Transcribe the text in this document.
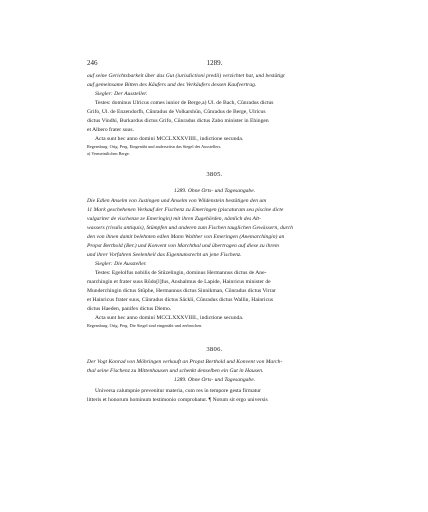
246	1289.
auf seine Gerichtsbarkeit über das Gut (iurisdictioni predii) verzichtet hat, und bestätigt
auf gemeinsame Bitten des Käufers und des Verkäufers dessen Kaufvertrag.
Siegler: Der Aussteller.
Testes: dominus Ulricus comes iunior de Berge,a) Ul. de Bach, Cŭnradus dictus
Grifo, Ul. de Enzendorfh, Cŭnradus de Volkarshŭn, Cŭnradus de Berge, Ulricus
dictus Vindhi, Burkardus dictus Grifo, Cŭnradus dictus Zabo minister in Ehingen
et Albero frater suus.
Acta sunt hec anno domini MCCLXXXVIIII., indictione secunda.
Regensburg. Orig. Perg. Eingenäht und anderseitsn das Siegel des Ausstellers.
a) Vermeintlichen Berge.
3805.
1289. Ohne Orts- und Tagesangabe.
Die Edlen Anselm von Justingen und Anselm von Wildenstein bestätigen den um
11 Mark geschehenen Verkauf der Fischenz zu Emeringen (piscaturam seu piscine dicte
vulgariter de vischenze ze Emeringin) mit ihren Zugehörden, nämlich des Alt-
wassers (rivulis antiquis), Stümpfen und anderen zum Fischen tauglichen Gewässern, durch
den von ihnen damit belehnten edlen Mann Walther von Emeringen (Anemarchingin) an
Propst Berthold (Ber.) und Konvent von Marchthal und übertragen auf diese zu ihrem
und ihrer Vorfahren Seelenheil das Eigentumsrecht an jene Fischenz.
Siegler: Die Aussteller.
Testes: Egelolfus nobilis de Stŭzelingin, dominus Hermannus dictus de Ane-
marchingin et frater suus Rŭdo[l]fus, Anshalmus de Lapide, Hainricus minister de
Munderchingin dictus Stŭphe, Hermannus dictus Sinnikman, Cŭnradus dictus Virrar
et Hainricus frater suus, Cŭnradus dictus Säckli, Cŭnradus dictus Wallin, Hainricus
dictus Haeden, panifex dictus Diemo.
Acta sunt hec anno domini MCCLXXXVIIII., indictione secunda.
Regensburg. Orig. Perg. Die Siegel sind eingenäht und zerbrochen.
3806.
Der Vogt Konrad von Möhringen verkauft an Propst Berthold und Konvent von March-
thal seine Fischenz zu Mittenhausen und schenkt denselben ein Gut in Hausen.
1289. Ohne Orts- und Tagesangabe.
Universa calumpnie prevenitur materia, cum res in tempore gesta firmatur
litteris et honorum hominum testimonio comprobatur. ¶ Notum sit ergo universis
